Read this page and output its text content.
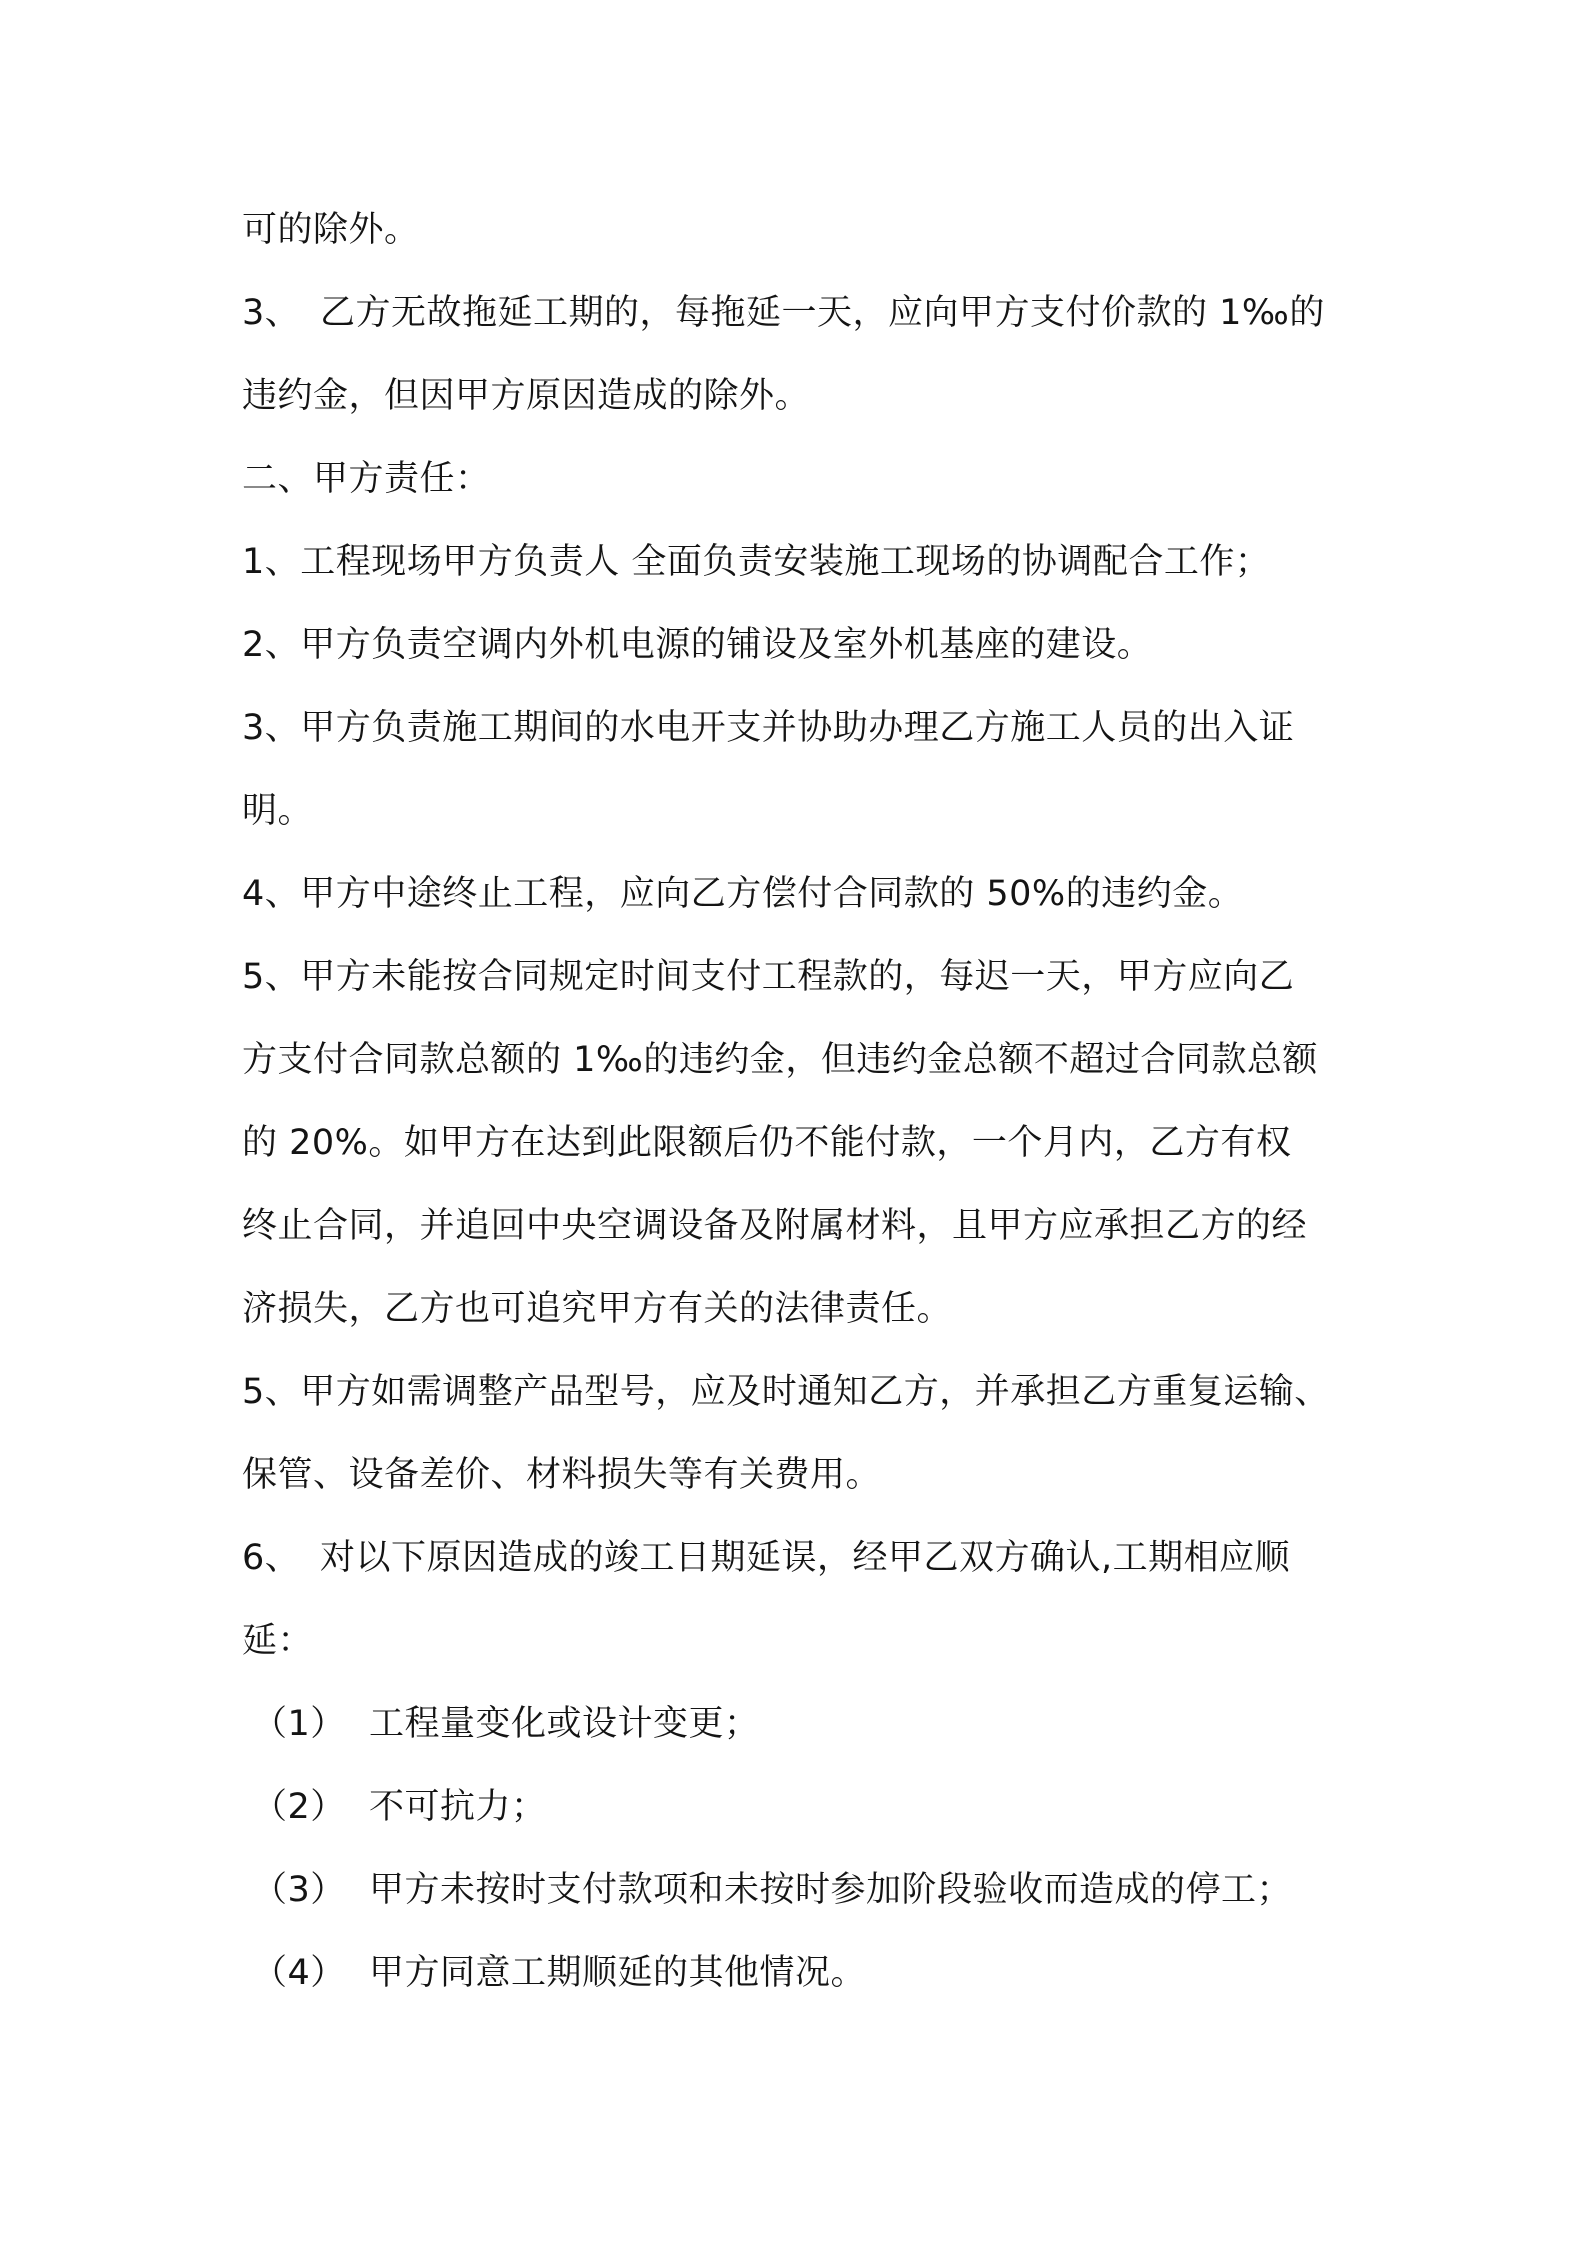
可的除外。
3、 乙方无故拖延工期的，每拖延一天，应向甲方支付价款的 1‰的
违约金，但因甲方原因造成的除外。
二、甲方责任：
1、工程现场甲方负责人 全面负责安装施工现场的协调配合工作；
2、甲方负责空调内外机电源的铺设及室外机基座的建设。
3、甲方负责施工期间的水电开支并协助办理乙方施工人员的出入证
明。
4、甲方中途终止工程，应向乙方偿付合同款的 50%的违约金。
5、甲方未能按合同规定时间支付工程款的，每迟一天，甲方应向乙
方支付合同款总额的 1‰的违约金，但违约金总额不超过合同款总额
的 20%。如甲方在达到此限额后仍不能付款，一个月内，乙方有权
终止合同，并追回中央空调设备及附属材料，且甲方应承担乙方的经
济损失，乙方也可追究甲方有关的法律责任。
5、甲方如需调整产品型号，应及时通知乙方，并承担乙方重复运输、
保管、设备差价、材料损失等有关费用。
6、 对以下原因造成的竣工日期延误，经甲乙双方确认,工期相应顺
延：
（1） 工程量变化或设计变更；
（2） 不可抗力；
（3） 甲方未按时支付款项和未按时参加阶段验收而造成的停工；
（4） 甲方同意工期顺延的其他情况。
